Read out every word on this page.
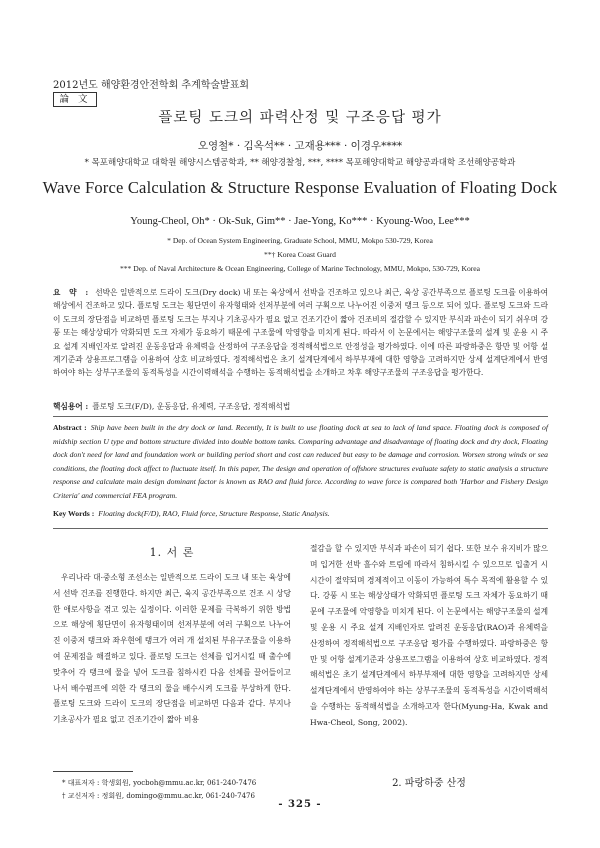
2012년도 해양환경안전학회 추계학술발표회
論 文
플로팅 도크의 파력산정 및 구조응답 평가
오영철* · 김옥석** · 고재용*** · 이경우****
* 목포해양대학교 대학원 해양시스템공학과, ** 해양경찰청, ***, **** 목포해양대학교 해양공과대학 조선해양공학과
Wave Force Calculation & Structure Response Evaluation of Floating Dock
Young-Cheol, Oh* · Ok-Suk, Gim** · Jae-Yong, Ko*** · Kyoung-Woo, Lee***
* Dep. of Ocean System Engineering, Graduate School, MMU, Mokpo 530-729, Korea
**† Korea Coast Guard
*** Dep. of Naval Architecture & Ocean Engineering, College of Marine Technology, MMU, Mokpo, 530-729, Korea
요 약 : 선박은 일반적으로 드라이 도크(Dry dock) 내 또는 육상에서 선박을 건조하고 있으나 최근, 육상 공간부족으로 플로팅 도크를 이용하여 해상에서 건조하고 있다. 플로팅 도크는 횡단면이 유자형태와 선저부분에 여러 구획으로 나누어진 이중저 탱크 등으로 되어 있다. 플로팅 도크와 드라이 도크의 장단점을 비교하면 플로팅 도크는 부지나 기초공사가 필요 없고 건조기간이 짧아 건조비의 절감할 수 있지만 부식과 파손이 되기 쉬우며 강풍 또는 해상상태가 악화되면 도크 자체가 동요하기 때문에 구조물에 악영향을 미치게 된다. 따라서 이 논문에서는 해양구조물의 설계 및 운용 시 주요 설계 지배인자로 알려진 운동응답과 유체력을 산정하여 구조응답을 정적해석법으로 안정성을 평가하였다. 이에 따른 파랑하중은 항만 및 어항 설계기준과 상용프로그램을 이용하여 상호 비교하였다. 정적해석법은 초기 설계단계에서 하부부재에 대한 영향을 고려하지만 상세 설계단계에서 반영하여야 하는 상부구조물의 동적특성을 시간이력해석을 수행하는 동적해석법을 소개하고 차후 해양구조물의 구조응답을 평가한다.
핵심용어 : 플로팅 도크(F/D), 운동응답, 유체력, 구조응답, 정적해석법
Abstract : Ship have been built in the dry dock or land. Recently, It is built to use floating dock at sea to lack of land space. Floating dock is composed of midship section U type and bottom structure divided into double bottom tanks. Comparing advantage and disadvantage of floating dock and dry dock, Floating dock don't need for land and foundation work or building period short and cost can reduced but easy to be damage and corrosion. Worsen strong winds or sea conditions, the floating dock affect to fluctuate itself. In this paper, The design and operation of offshore structures evaluate safety to static analysis a structure response and calculate main design dominant factor is known as RAO and fluid force. According to wave force is compared both 'Harbor and Fishery Design Criteria' and commercial FEA program.
Key Words : Floating dock(F/D), RAO, Fluid force, Structure Response, Static Analysis.
1. 서 론
우리나라 대·중소형 조선소는 일반적으로 드라이 도크 내 또는 육상에서 선박 건조를 진행한다. 하지만 최근, 육지 공간부족으로 건조 시 상당한 애로사항을 겪고 있는 실정이다. 이러한 문제를 극복하기 위한 방법으로 해상에 횡단면이 유자형태이며 선저부분에 여러 구획으로 나누어진 이중저 탱크와 좌우현에 탱크가 여러 개 설치된 부유구조물을 이용하여 문제점을 해결하고 있다. 플로팅 도크는 선체를 입거시킬 때 출수에 맞추어 각 탱크에 물을 넣어 도크를 침하시킨 다음 선체를 끌어들이고 나서 배수펌프에 의한 각 탱크의 물을 배수시켜 도크를 부상하게 한다. 플로팅 도크와 드라이 도크의 장단점을 비교하면 다음과 같다. 부지나 기초공사가 필요 없고 건조기간이 짧아 비용
절감을 할 수 있지만 부식과 파손이 되기 쉽다. 또한 보수 유지비가 많으며 입거한 선박 흘수와 트림에 따라서 침하시킬 수 있으므로 입출거 시 시간이 절약되며 경제적이고 이동이 가능하여 특수 목적에 활용할 수 있다. 강풍 시 또는 해상상태가 악화되면 플로팅 도크 자체가 동요하기 때문에 구조물에 악영향을 미치게 된다. 이 논문에서는 해양구조물의 설계 및 운용 시 주요 설계 지배인자로 알려진 운동응답(RAO)과 유체력을 산정하여 정적해석법으로 구조응답 평가를 수행하였다. 파랑하중은 항만 및 어항 설계기준과 상용프로그램을 이용하여 상호 비교하였다. 정적해석법은 초기 설계단계에서 하부부재에 대한 영향을 고려하지만 상세 설계단계에서 반영하여야 하는 상부구조물의 동적특성을 시간이력해석을 수행하는 동적해석법을 소개하고자 한다(Myung-Ha, Kwak and Hwa-Cheol, Song, 2002).
* 대표저자 : 학생회원, yocboh@mmu.ac.kr, 061-240-7476
† 교신저자 : 정회원, domingo@mmu.ac.kr, 061-240-7476
2. 파랑하중 산정
- 325 -
